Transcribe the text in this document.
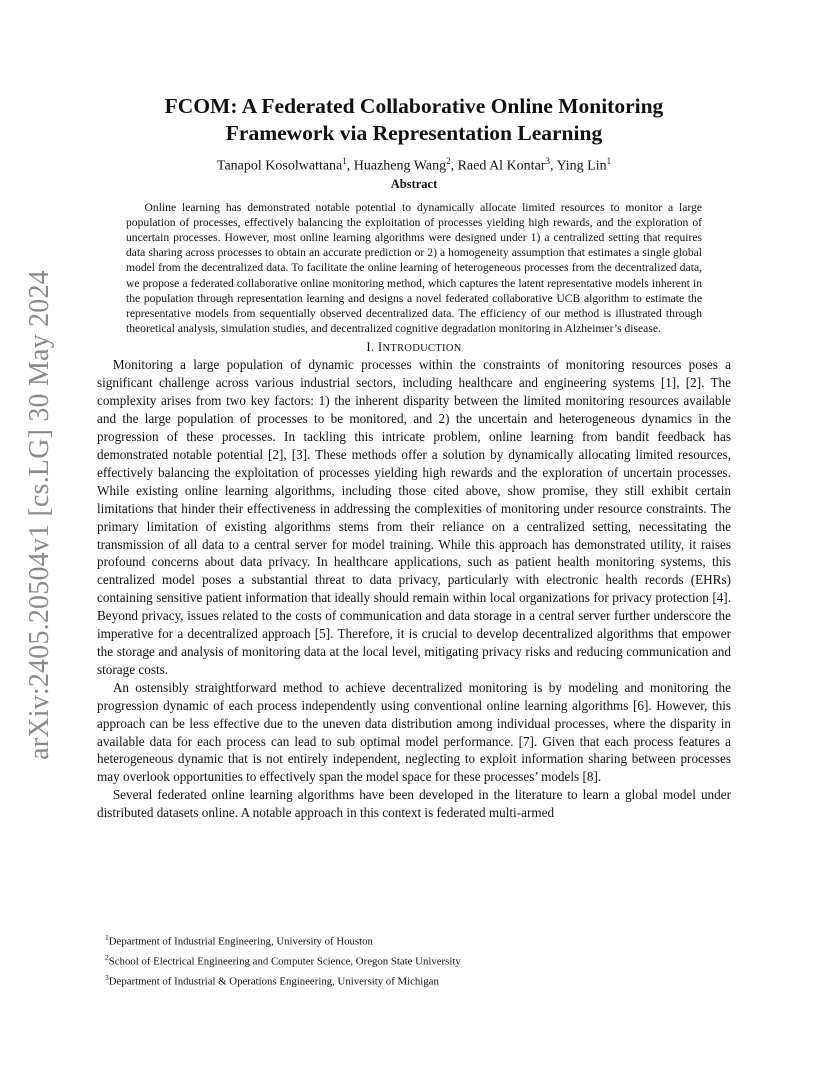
arXiv:2405.20504v1 [cs.LG] 30 May 2024
FCOM: A Federated Collaborative Online Monitoring
Framework via Representation Learning
Tanapol Kosolwattana$^1$, Huazheng Wang$^2$, Raed Al Kontar$^3$, Ying Lin$^1$
Abstract

Online learning has demonstrated notable potential to dynamically allocate limited resources to monitor a large population of processes, effectively balancing the exploitation of processes yielding high rewards, and the exploration of uncertain processes. However, most online learning algorithms were designed under 1) a centralized setting that requires data sharing across processes to obtain an accurate prediction or 2) a homogeneity assumption that estimates a single global model from the decentralized data. To facilitate the online learning of heterogeneous processes from the decentralized data, we propose a federated collaborative online monitoring method, which captures the latent representative models inherent in the population through representation learning and designs a novel federated collaborative UCB algorithm to estimate the representative models from sequentially observed decentralized data. The efficiency of our method is illustrated through theoretical analysis, simulation studies, and decentralized cognitive degradation monitoring in Alzheimer’s disease.

I. INTRODUCTION

Monitoring a large population of dynamic processes within the constraints of monitoring resources poses a significant challenge across various industrial sectors, including healthcare and engineering systems [1], [2]. The complexity arises from two key factors: 1) the inherent disparity between the limited monitoring resources available and the large population of processes to be monitored, and 2) the uncertain and heterogeneous dynamics in the progression of these processes. In tackling this intricate problem, online learning from bandit feedback has demonstrated notable potential [2], [3]. These methods offer a solution by dynamically allocating limited resources, effectively balancing the exploitation of processes yielding high rewards and the exploration of uncertain processes. While existing online learning algorithms, including those cited above, show promise, they still exhibit certain limitations that hinder their effectiveness in addressing the complexities of monitoring under resource constraints. The primary limitation of existing algorithms stems from their reliance on a centralized setting, necessitating the transmission of all data to a central server for model training. While this approach has demonstrated utility, it raises profound concerns about data privacy. In healthcare applications, such as patient health monitoring systems, this centralized model poses a substantial threat to data privacy, particularly with electronic health records (EHRs) containing sensitive patient information that ideally should remain within local organizations for privacy protection [4]. Beyond privacy, issues related to the costs of communication and data storage in a central server further underscore the imperative for a decentralized approach [5]. Therefore, it is crucial to develop decentralized algorithms that empower the storage and analysis of monitoring data at the local level, mitigating privacy risks and reducing communication and storage costs.

An ostensibly straightforward method to achieve decentralized monitoring is by modeling and monitoring the progression dynamic of each process independently using conventional online learning algorithms [6]. However, this approach can be less effective due to the uneven data distribution among individual processes, where the disparity in available data for each process can lead to sub optimal model performance. [7]. Given that each process features a heterogeneous dynamic that is not entirely independent, neglecting to exploit information sharing between processes may overlook opportunities to effectively span the model space for these processes’ models [8].

Several federated online learning algorithms have been developed in the literature to learn a global model under distributed datasets online. A notable approach in this context is federated multi-armed

$^1$Department of Industrial Engineering, University of Houston
$^2$School of Electrical Engineering and Computer Science, Oregon State University
$^3$Department of Industrial & Operations Engineering, University of Michigan
